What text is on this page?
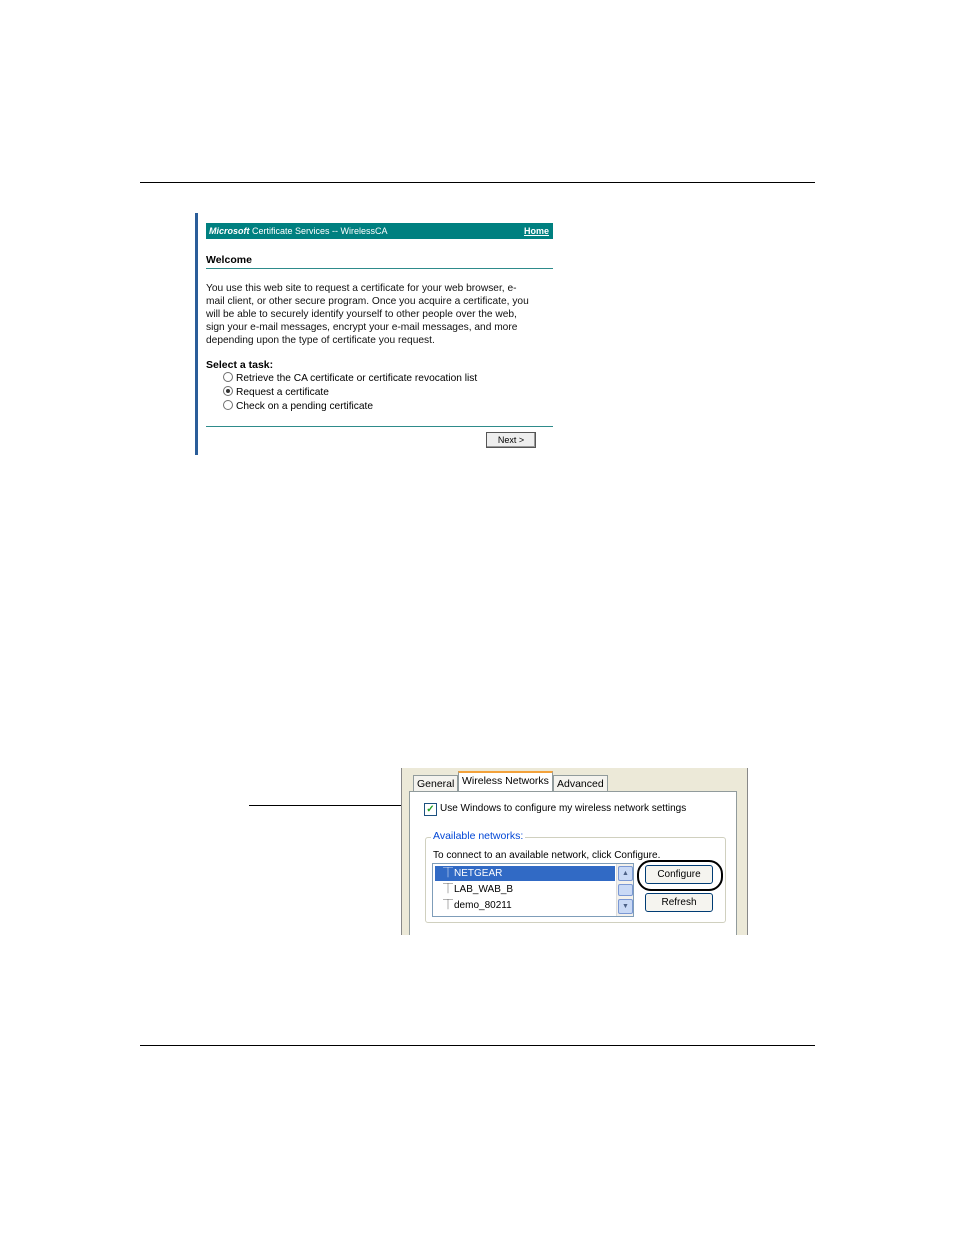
Microsoft Certificate Services -- WirelessCA	Home
Welcome
You use this web site to request a certificate for your web browser, e-
mail client, or other secure program. Once you acquire a certificate, you
will be able to securely identify yourself to other people over the web,
sign your e-mail messages, encrypt your e-mail messages, and more
depending upon the type of certificate you request.
Select a task:
Retrieve the CA certificate or certificate revocation list
Request a certificate
Check on a pending certificate
Next >
General Wireless Networks Advanced
✓ Use Windows to configure my wireless network settings
Available networks:
To connect to an available network, click Configure.
⏉NETGEAR
⏉LAB_WAB_B
⏉demo_80211
▲
▼
Configure
Refresh
